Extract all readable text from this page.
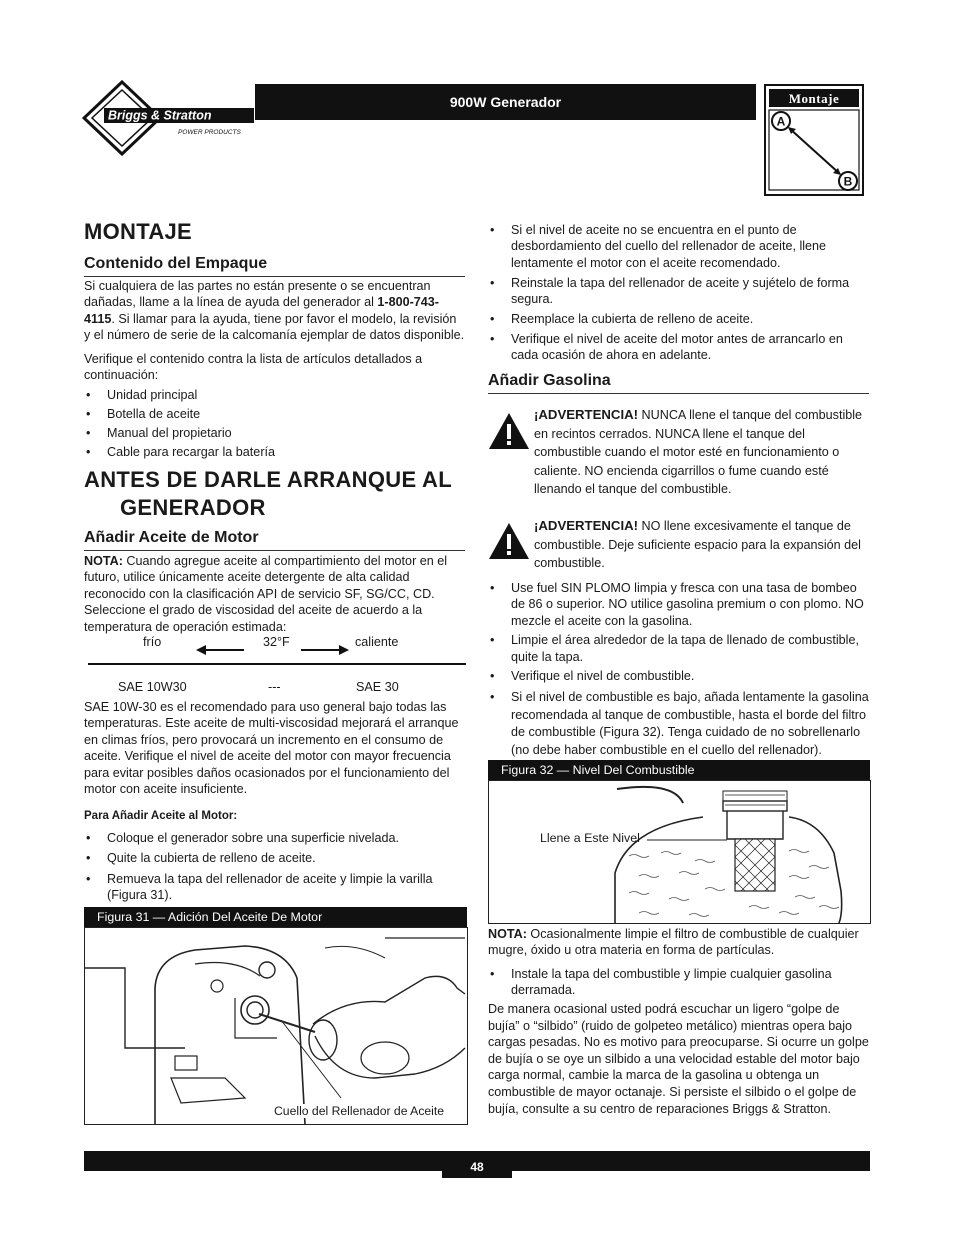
Briggs & Stratton
POWER PRODUCTS
900W Generador	Montaje
A
B
MONTAJE
Contenido del Empaque
Si cualquiera de las partes no están presente o se encuentran dañadas, llame a la línea de ayuda del generador al 1-800-743-4115. Si llamar para la ayuda, tiene por favor el modelo, la revisión y el número de serie de la calcomanía ejemplar de datos disponible.
Verifique el contenido contra la lista de artículos detallados a continuación:
• Unidad principal
• Botella de aceite
• Manual del propietario
• Cable para recargar la batería
ANTES DE DARLE ARRANQUE AL
GENERADOR
Añadir Aceite de Motor
NOTA: Cuando agregue aceite al compartimiento del motor en el futuro, utilice únicamente aceite detergente de alta calidad reconocido con la clasificación API de servicio SF, SG/CC, CD. Seleccione el grado de viscosidad del aceite de acuerdo a la temperatura de operación estimada:
frío	32°F	caliente
SAE 10W30	---	SAE 30
SAE 10W-30 es el recomendado para uso general bajo todas las temperaturas. Este aceite de multi-viscosidad mejorará el arranque en climas fríos, pero provocará un incremento en el consumo de aceite. Verifique el nivel de aceite del motor con mayor frecuencia para evitar posibles daños ocasionados por el funcionamiento del motor con aceite insuficiente.
Para Añadir Aceite al Motor:
• Coloque el generador sobre una superficie nivelada.
• Quite la cubierta de relleno de aceite.
• Remueva la tapa del rellenador de aceite y limpie la varilla (Figura 31).
Figura 31 — Adición Del Aceite De Motor
Cuello del Rellenador de Aceite
• Si el nivel de aceite no se encuentra en el punto de desbordamiento del cuello del rellenador de aceite, llene lentamente el motor con el aceite recomendado.
• Reinstale la tapa del rellenador de aceite y sujételo de forma segura.
• Reemplace la cubierta de relleno de aceite.
• Verifique el nivel de aceite del motor antes de arrancarlo en cada ocasión de ahora en adelante.
Añadir Gasolina
¡ADVERTENCIA! NUNCA llene el tanque del combustible en recintos cerrados. NUNCA llene el tanque del combustible cuando el motor esté en funcionamiento o caliente. NO encienda cigarrillos o fume cuando esté llenando el tanque del combustible.
¡ADVERTENCIA! NO llene excesivamente el tanque de combustible. Deje suficiente espacio para la expansión del combustible.
• Use fuel SIN PLOMO limpia y fresca con una tasa de bombeo de 86 o superior. NO utilice gasolina premium o con plomo. NO mezcle el aceite con la gasolina.
• Limpie el área alrededor de la tapa de llenado de combustible, quite la tapa.
• Verifique el nivel de combustible.
• Si el nivel de combustible es bajo, añada lentamente la gasolina recomendada al tanque de combustible, hasta el borde del filtro de combustible (Figura 32). Tenga cuidado de no sobrellenarlo (no debe haber combustible en el cuello del rellenador).
Figura 32 — Nivel Del Combustible
Llene a Este Nivel
NOTA: Ocasionalmente limpie el filtro de combustible de cualquier mugre, óxido u otra materia en forma de partículas.
• Instale la tapa del combustible y limpie cualquier gasolina derramada.
De manera ocasional usted podrá escuchar un ligero “golpe de bujía” o “silbido” (ruido de golpeteo metálico) mientras opera bajo cargas pesadas. No es motivo para preocuparse. Si ocurre un golpe de bujía o se oye un silbido a una velocidad estable del motor bajo carga normal, cambie la marca de la gasolina u obtenga un combustible de mayor octanaje. Si persiste el silbido o el golpe de bujía, consulte a su centro de reparaciones Briggs & Stratton.
48
